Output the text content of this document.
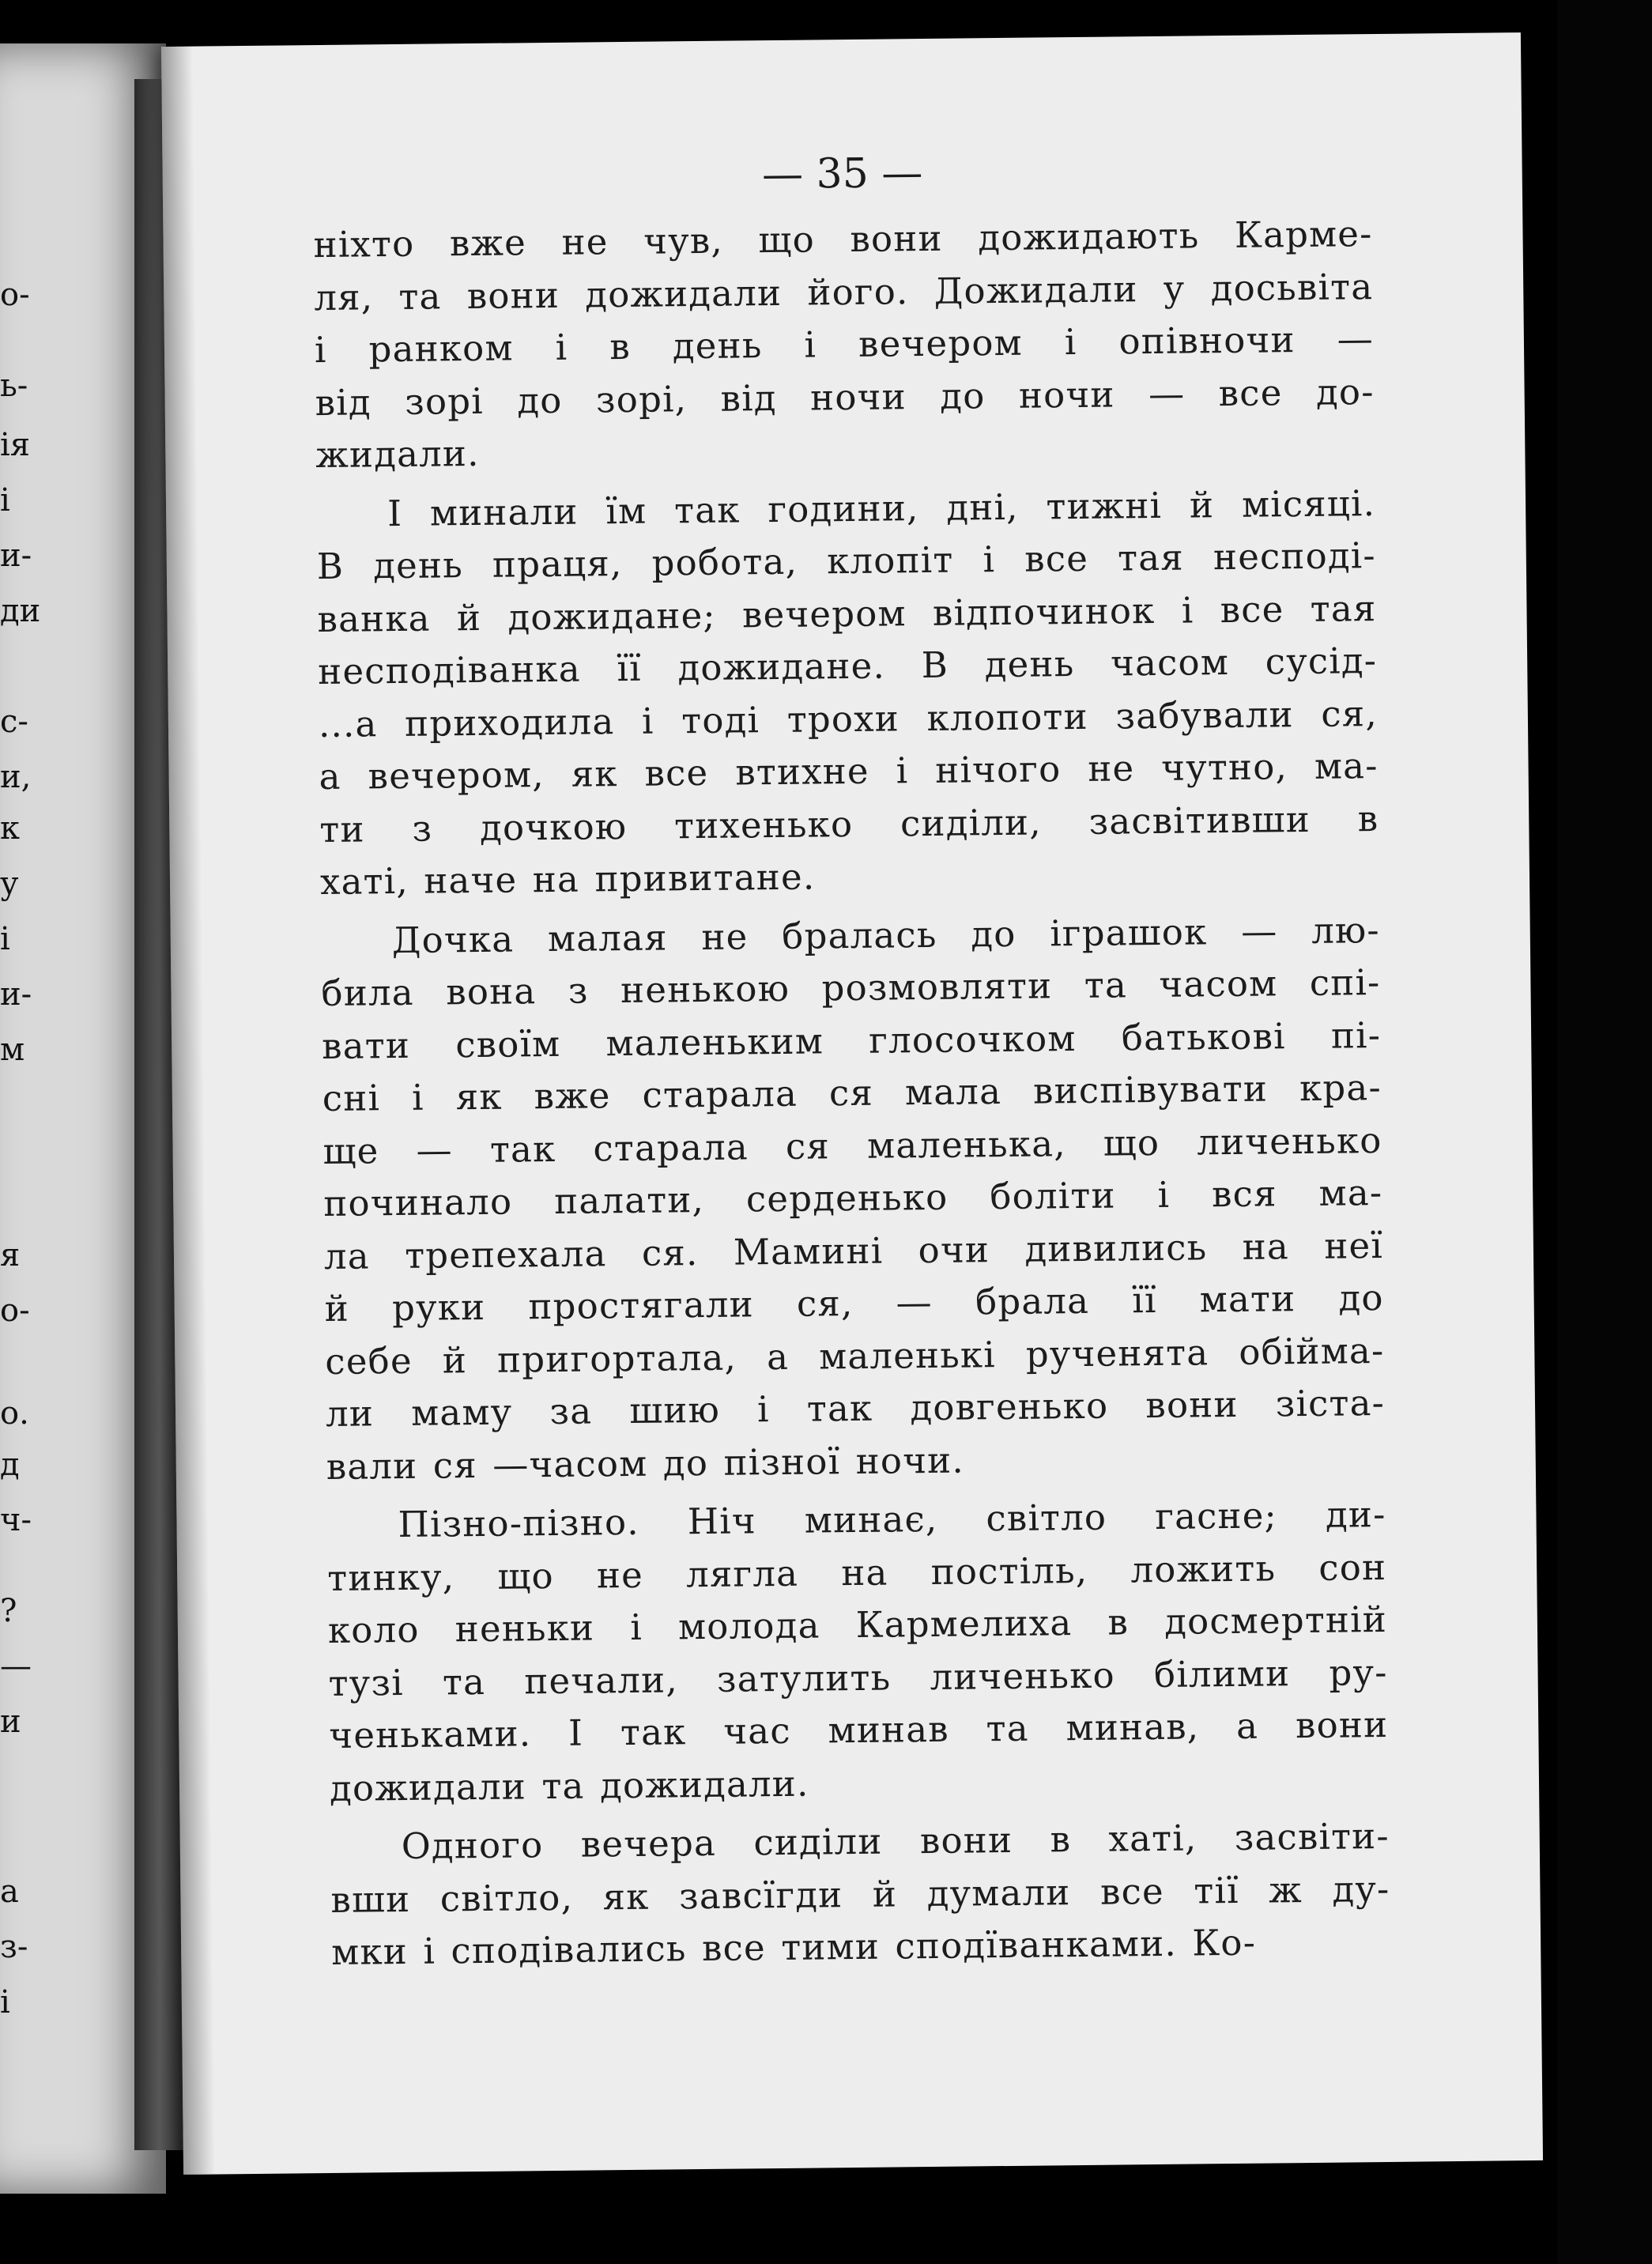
о-
ь-
ія
і
и-
ди
с-
и,
к
у
і
и-
м
я
о-
о.
д
ч-
?
—
и
а
з-
і
— 35 —
ніхто вже не чув, що вони дожидають Карме-
ля, та вони дожидали його. Дожидали у досьвіта
і ранком і в день і вечером і опівночи —
від зорі до зорі, від ночи до ночи — все до-
жидали.
І минали їм так години, дні, тижні й місяці.
В день праця, робота, клопіт і все тая несподі-
ванка й дожидане; вечером відпочинок і все тая
несподіванка її дожидане. В день часом сусід-
...а приходила і тоді трохи клопоти забували ся,
а вечером, як все втихне і нічого не чутно, ма-
ти з дочкою тихенько сиділи, засвітивши в
хаті, наче на привитане.
Дочка малая не бралась до іграшок — лю-
била вона з ненькою розмовляти та часом спі-
вати своїм маленьким глосочком батькові пі-
сні і як вже старала ся мала виспівувати кра-
ще — так старала ся маленька, що личенько
починало палати, серденько боліти і вся ма-
ла трепехала ся. Мамині очи дивились на неї
й руки простягали ся, — брала її мати до
себе й пригортала, а маленькі рученята обійма-
ли маму за шию і так довгенько вони зіста-
вали ся —часом до пізної ночи.
Пізно-пізно. Ніч минає, світло гасне; ди-
тинку, що не лягла на постіль, ложить сон
коло неньки і молода Кармелиха в досмертній
тузі та печали, затулить личенько білими ру-
ченьками. І так час минав та минав, а вони
дожидали та дожидали.
Одного вечера сиділи вони в хаті, засвіти-
вши світло, як завсїгди й думали все тії ж ду-
мки і сподівались все тими сподїванками. Ко-
